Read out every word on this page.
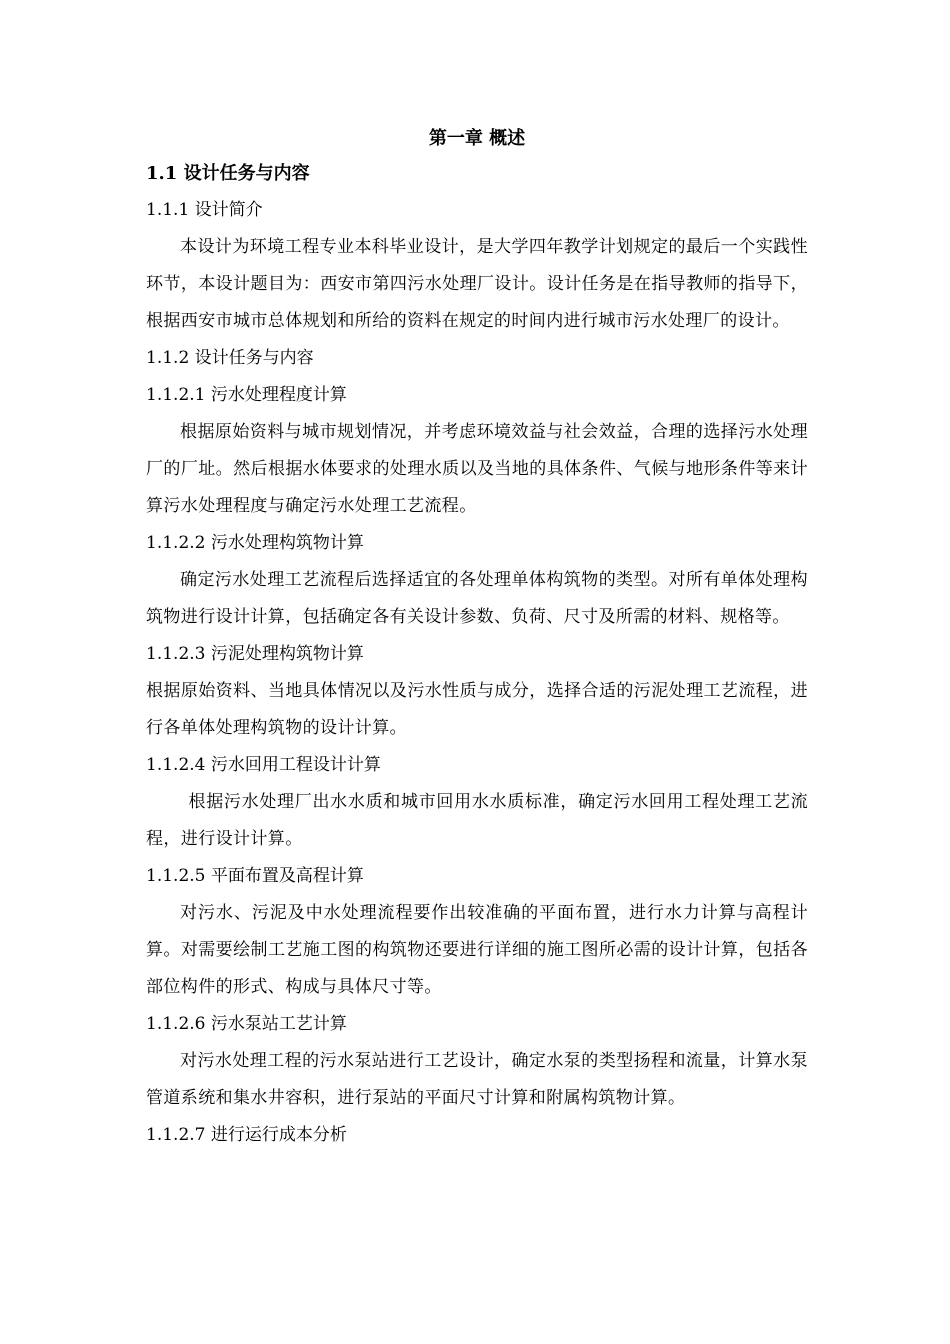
第一章 概述
1.1 设计任务与内容
1.1.1 设计简介
本设计为环境工程专业本科毕业设计，是大学四年教学计划规定的最后一个实践性环节，本设计题目为：西安市第四污水处理厂设计。设计任务是在指导教师的指导下，根据西安市城市总体规划和所给的资料在规定的时间内进行城市污水处理厂的设计。
1.1.2 设计任务与内容
1.1.2.1 污水处理程度计算
根据原始资料与城市规划情况，并考虑环境效益与社会效益，合理的选择污水处理厂的厂址。然后根据水体要求的处理水质以及当地的具体条件、气候与地形条件等来计算污水处理程度与确定污水处理工艺流程。
1.1.2.2 污水处理构筑物计算
确定污水处理工艺流程后选择适宜的各处理单体构筑物的类型。对所有单体处理构筑物进行设计计算，包括确定各有关设计参数、负荷、尺寸及所需的材料、规格等。
1.1.2.3 污泥处理构筑物计算
根据原始资料、当地具体情况以及污水性质与成分，选择合适的污泥处理工艺流程，进行各单体处理构筑物的设计计算。
1.1.2.4 污水回用工程设计计算
根据污水处理厂出水水质和城市回用水水质标准，确定污水回用工程处理工艺流程，进行设计计算。
1.1.2.5 平面布置及高程计算
对污水、污泥及中水处理流程要作出较准确的平面布置，进行水力计算与高程计算。对需要绘制工艺施工图的构筑物还要进行详细的施工图所必需的设计计算，包括各部位构件的形式、构成与具体尺寸等。
1.1.2.6 污水泵站工艺计算
对污水处理工程的污水泵站进行工艺设计，确定水泵的类型扬程和流量，计算水泵管道系统和集水井容积，进行泵站的平面尺寸计算和附属构筑物计算。
1.1.2.7 进行运行成本分析
